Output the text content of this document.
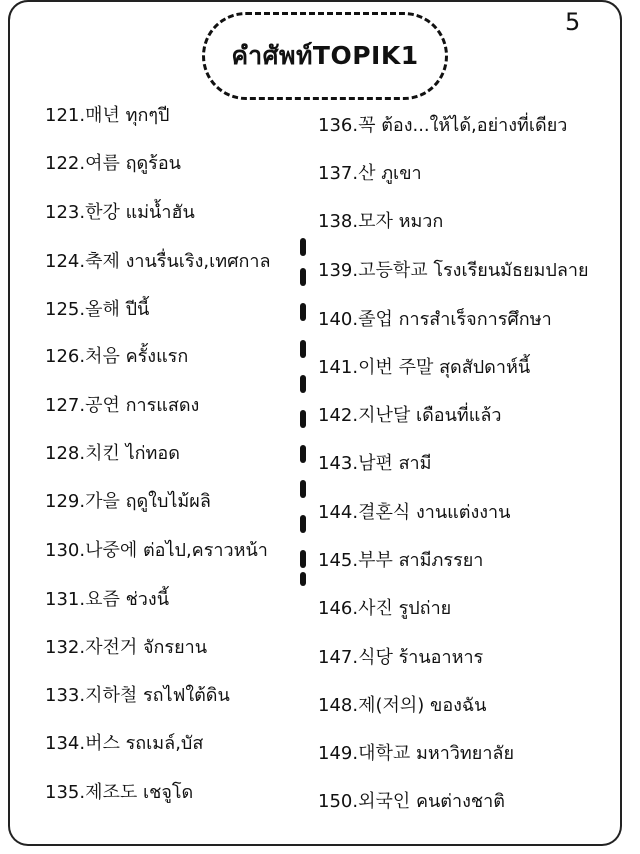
คำศัพท์TOPIK1
5
121.매년 ทุกๆปี
122.여름 ฤดูร้อน
123.한강 แม่น้ำฮัน
124.축제 งานรื่นเริง,เทศกาล
125.올해 ปีนี้
126.처음 ครั้งแรก
127.공연 การแสดง
128.치킨 ไก่ทอด
129.가을 ฤดูใบไม้ผลิ
130.나중에 ต่อไป,คราวหน้า
131.요즘 ช่วงนี้
132.자전거 จักรยาน
133.지하철 รถไฟใต้ดิน
134.버스 รถเมล์,บัส
135.제조도 เชจูโด
136.꼭 ต้อง...ให้ได้,อย่างที่เดียว
137.산 ภูเขา
138.모자 หมวก
139.고등학교 โรงเรียนมัธยมปลาย
140.졸업 การสำเร็จการศึกษา
141.이번 주말 สุดสัปดาห์นี้
142.지난달 เดือนที่แล้ว
143.남편 สามี
144.결혼식 งานแต่งงาน
145.부부 สามีภรรยา
146.사진 รูปถ่าย
147.식당 ร้านอาหาร
148.제(저의) ของฉัน
149.대학교 มหาวิทยาลัย
150.외국인 คนต่างชาติ
